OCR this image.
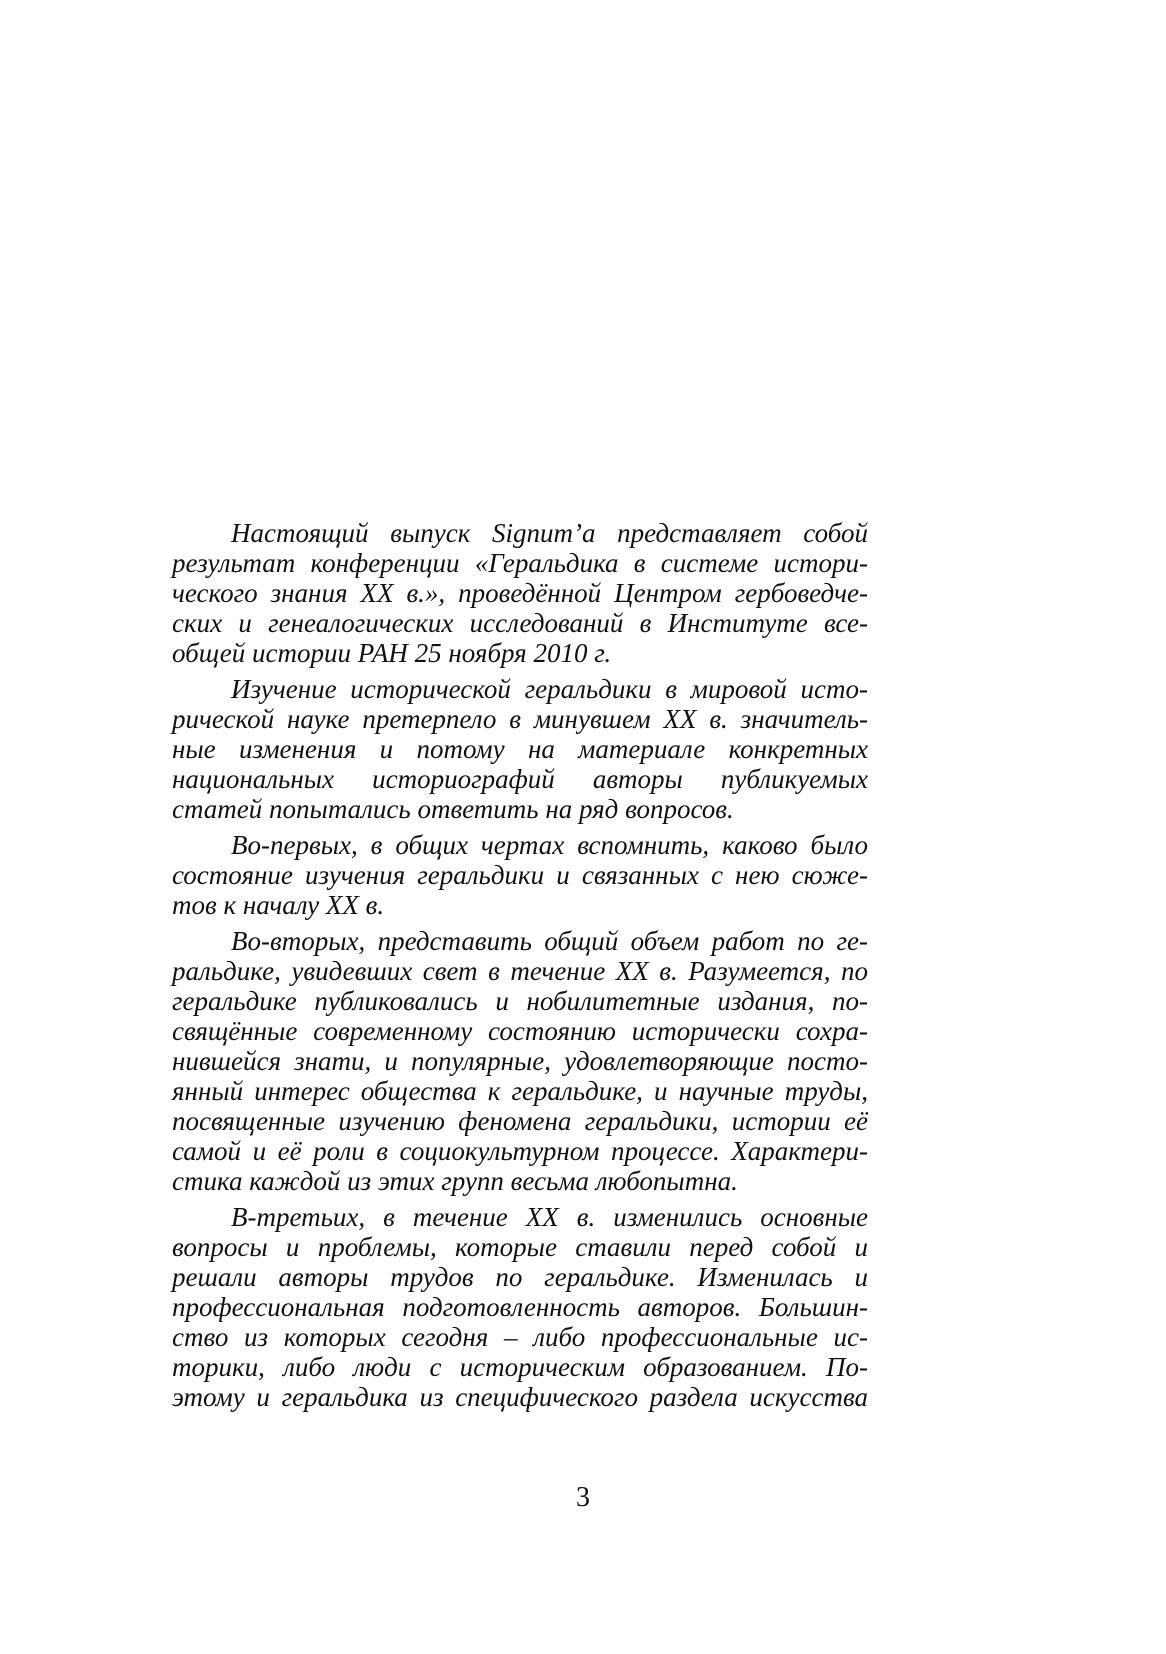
Настоящий выпуск Signum’a представляет собой
результат конференции «Геральдика в системе истори-
ческого знания XX в.», проведённой Центром гербоведче-
ских и генеалогических исследований в Институте все-
общей истории РАН 25 ноября 2010 г.
Изучение исторической геральдики в мировой исто-
рической науке претерпело в минувшем XX в. значитель-
ные изменения и потому на материале конкретных
национальных историографий авторы публикуемых
статей попытались ответить на ряд вопросов.
Во-первых, в общих чертах вспомнить, каково было
состояние изучения геральдики и связанных с нею сюже-
тов к началу XX в.
Во-вторых, представить общий объем работ по ге-
ральдике, увидевших свет в течение XX в. Разумеется, по
геральдике публиковались и нобилитетные издания, по-
свящённые современному состоянию исторически сохра-
нившейся знати, и популярные, удовлетворяющие посто-
янный интерес общества к геральдике, и научные труды,
посвященные изучению феномена геральдики, истории её
самой и её роли в социокультурном процессе. Характери-
стика каждой из этих групп весьма любопытна.
В-третьих, в течение XX в. изменились основные
вопросы и проблемы, которые ставили перед собой и
решали авторы трудов по геральдике. Изменилась и
профессиональная подготовленность авторов. Большин-
ство из которых сегодня – либо профессиональные ис-
торики, либо люди с историческим образованием. По-
этому и геральдика из специфического раздела искусства
3
